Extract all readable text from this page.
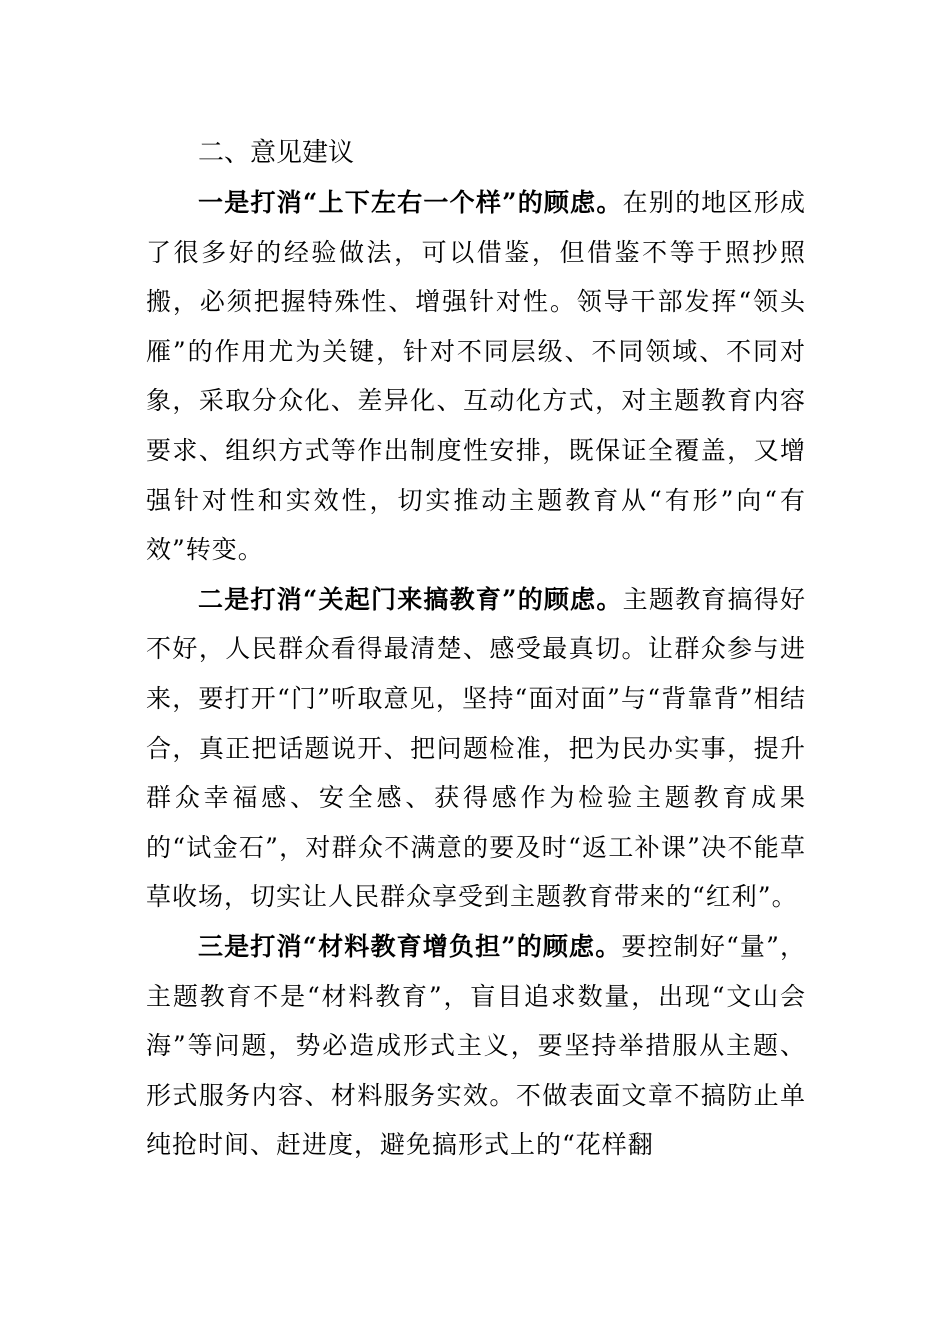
二、意见建议

一是打消“上下左右一个样”的顾虑。在别的地区形成了很多好的经验做法，可以借鉴，但借鉴不等于照抄照搬，必须把握特殊性、增强针对性。领导干部发挥“领头雁”的作用尤为关键，针对不同层级、不同领域、不同对象，采取分众化、差异化、互动化方式，对主题教育内容要求、组织方式等作出制度性安排，既保证全覆盖，又增强针对性和实效性，切实推动主题教育从“有形”向“有效”转变。

二是打消“关起门来搞教育”的顾虑。主题教育搞得好不好，人民群众看得最清楚、感受最真切。让群众参与进来，要打开“门”听取意见，坚持“面对面”与“背靠背”相结合，真正把话题说开、把问题检准，把为民办实事，提升群众幸福感、安全感、获得感作为检验主题教育成果的“试金石”，对群众不满意的要及时“返工补课”决不能草草收场，切实让人民群众享受到主题教育带来的“红利”。

三是打消“材料教育增负担”的顾虑。要控制好“量”，主题教育不是“材料教育”，盲目追求数量，出现“文山会海”等问题，势必造成形式主义，要坚持举措服从主题、形式服务内容、材料服务实效。不做表面文章不搞防止单纯抢时间、赶进度，避免搞形式上的“花样翻
